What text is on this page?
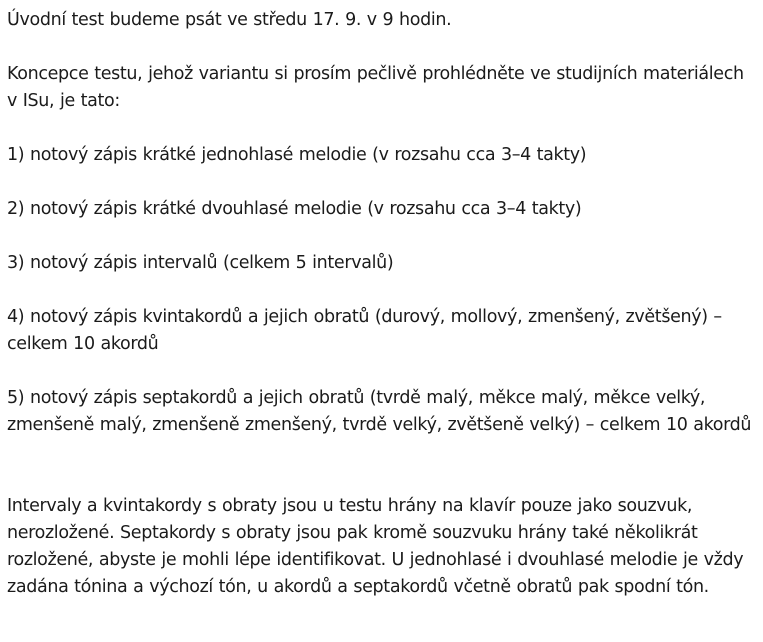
Úvodní test budeme psát ve středu 17. 9. v 9 hodin.

Koncepce testu, jehož variantu si prosím pečlivě prohlédněte ve studijních materiálech v ISu, je tato:

1) notový zápis krátké jednohlasé melodie (v rozsahu cca 3–4 takty)

2) notový zápis krátké dvouhlasé melodie (v rozsahu cca 3–4 takty)

3) notový zápis intervalů (celkem 5 intervalů)

4) notový zápis kvintakordů a jejich obratů (durový, mollový, zmenšený, zvětšený) – celkem 10 akordů

5) notový zápis septakordů a jejich obratů (tvrdě malý, měkce malý, měkce velký, zmenšeně malý, zmenšeně zmenšený, tvrdě velký, zvětšeně velký) – celkem 10 akordů

Intervaly a kvintakordy s obraty jsou u testu hrány na klavír pouze jako souzvuk, nerozložené. Septakordy s obraty jsou pak kromě souzvuku hrány také několikrát rozložené, abyste je mohli lépe identifikovat. U jednohlasé i dvouhlasé melodie je vždy zadána tónina a výchozí tón, u akordů a septakordů včetně obratů pak spodní tón.
